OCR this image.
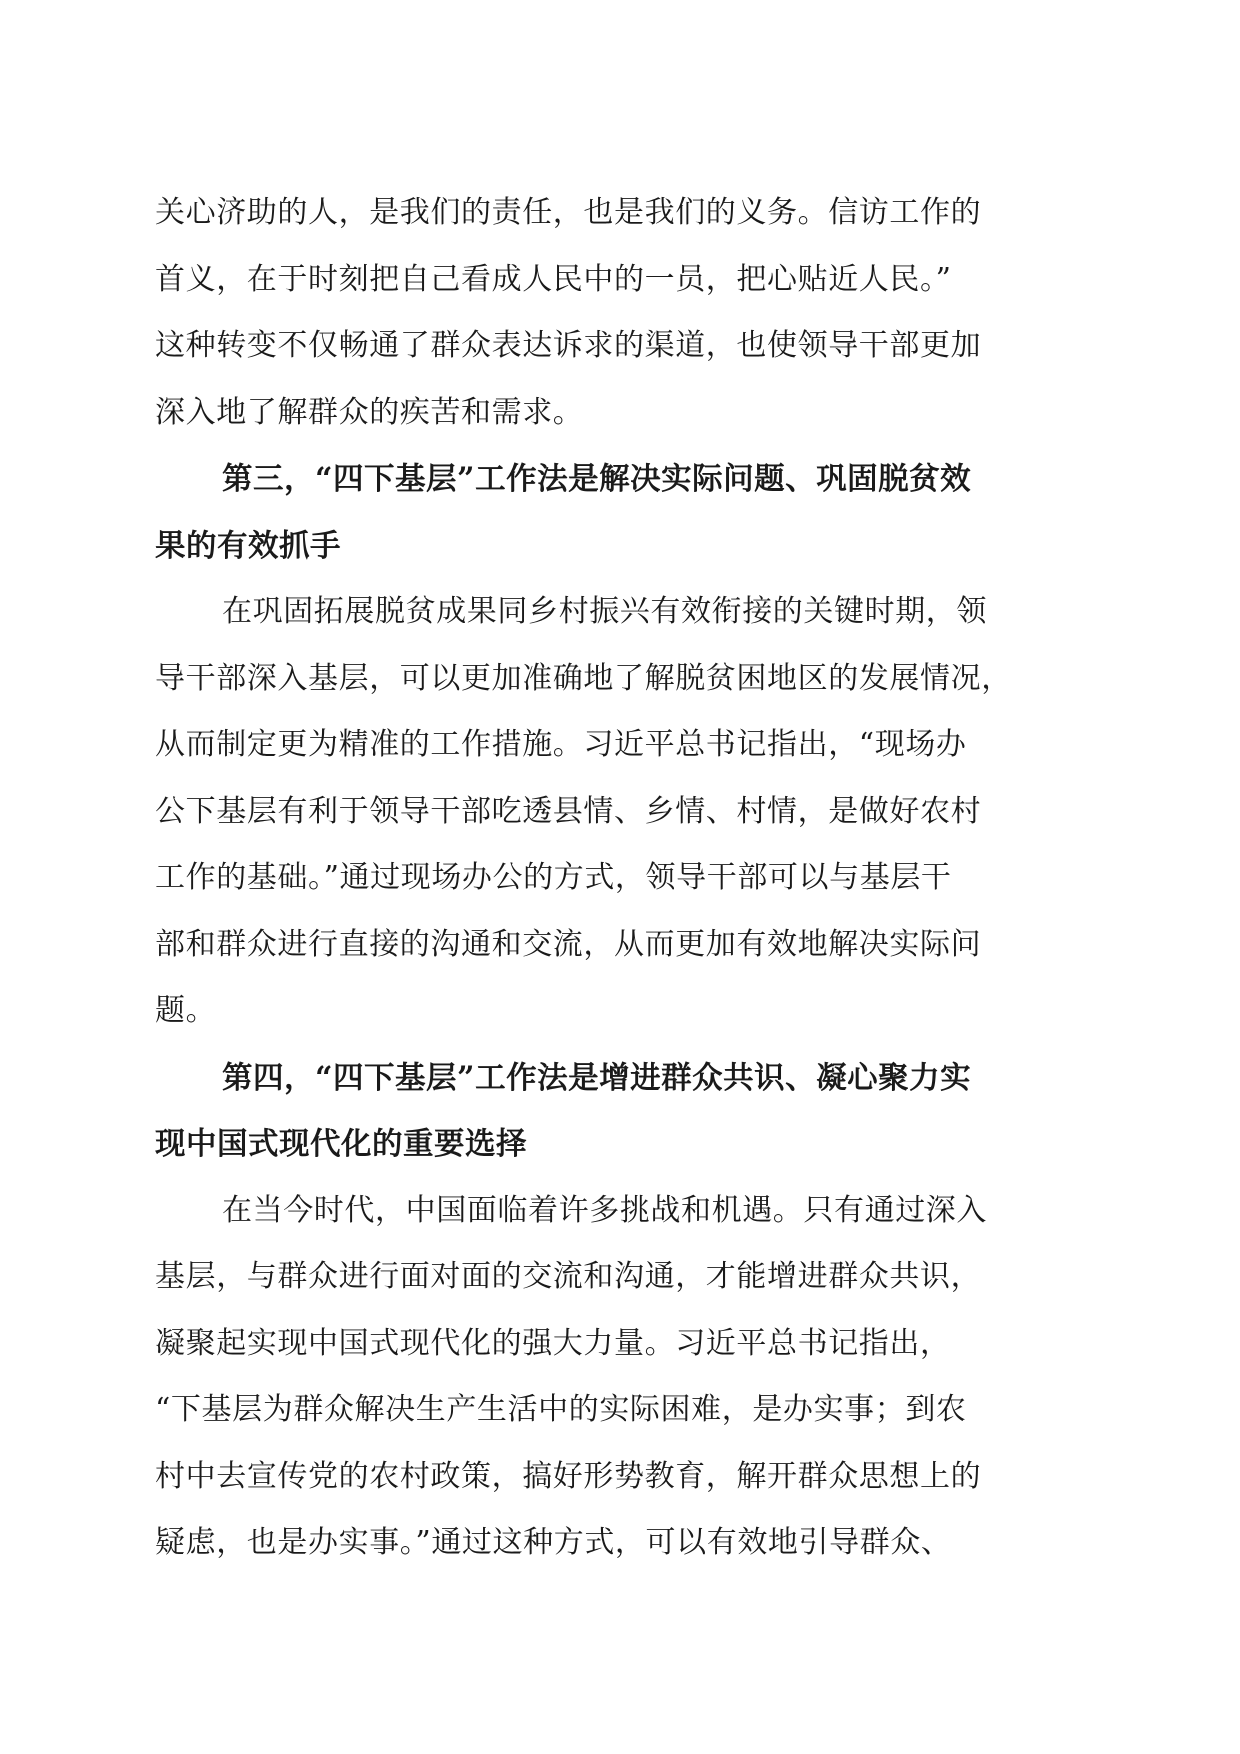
关心济助的人，是我们的责任，也是我们的义务。信访工作的
首义，在于时刻把自己看成人民中的一员，把心贴近人民。”
这种转变不仅畅通了群众表达诉求的渠道，也使领导干部更加
深入地了解群众的疾苦和需求。
第三，“四下基层”工作法是解决实际问题、巩固脱贫效
果的有效抓手
在巩固拓展脱贫成果同乡村振兴有效衔接的关键时期，领
导干部深入基层，可以更加准确地了解脱贫困地区的发展情况，
从而制定更为精准的工作措施。习近平总书记指出，“现场办
公下基层有利于领导干部吃透县情、乡情、村情，是做好农村
工作的基础。”通过现场办公的方式，领导干部可以与基层干
部和群众进行直接的沟通和交流，从而更加有效地解决实际问
题。
第四，“四下基层”工作法是增进群众共识、凝心聚力实
现中国式现代化的重要选择
在当今时代，中国面临着许多挑战和机遇。只有通过深入
基层，与群众进行面对面的交流和沟通，才能增进群众共识，
凝聚起实现中国式现代化的强大力量。习近平总书记指出，
“下基层为群众解决生产生活中的实际困难，是办实事；到农
村中去宣传党的农村政策，搞好形势教育，解开群众思想上的
疑虑，也是办实事。”通过这种方式，可以有效地引导群众、
